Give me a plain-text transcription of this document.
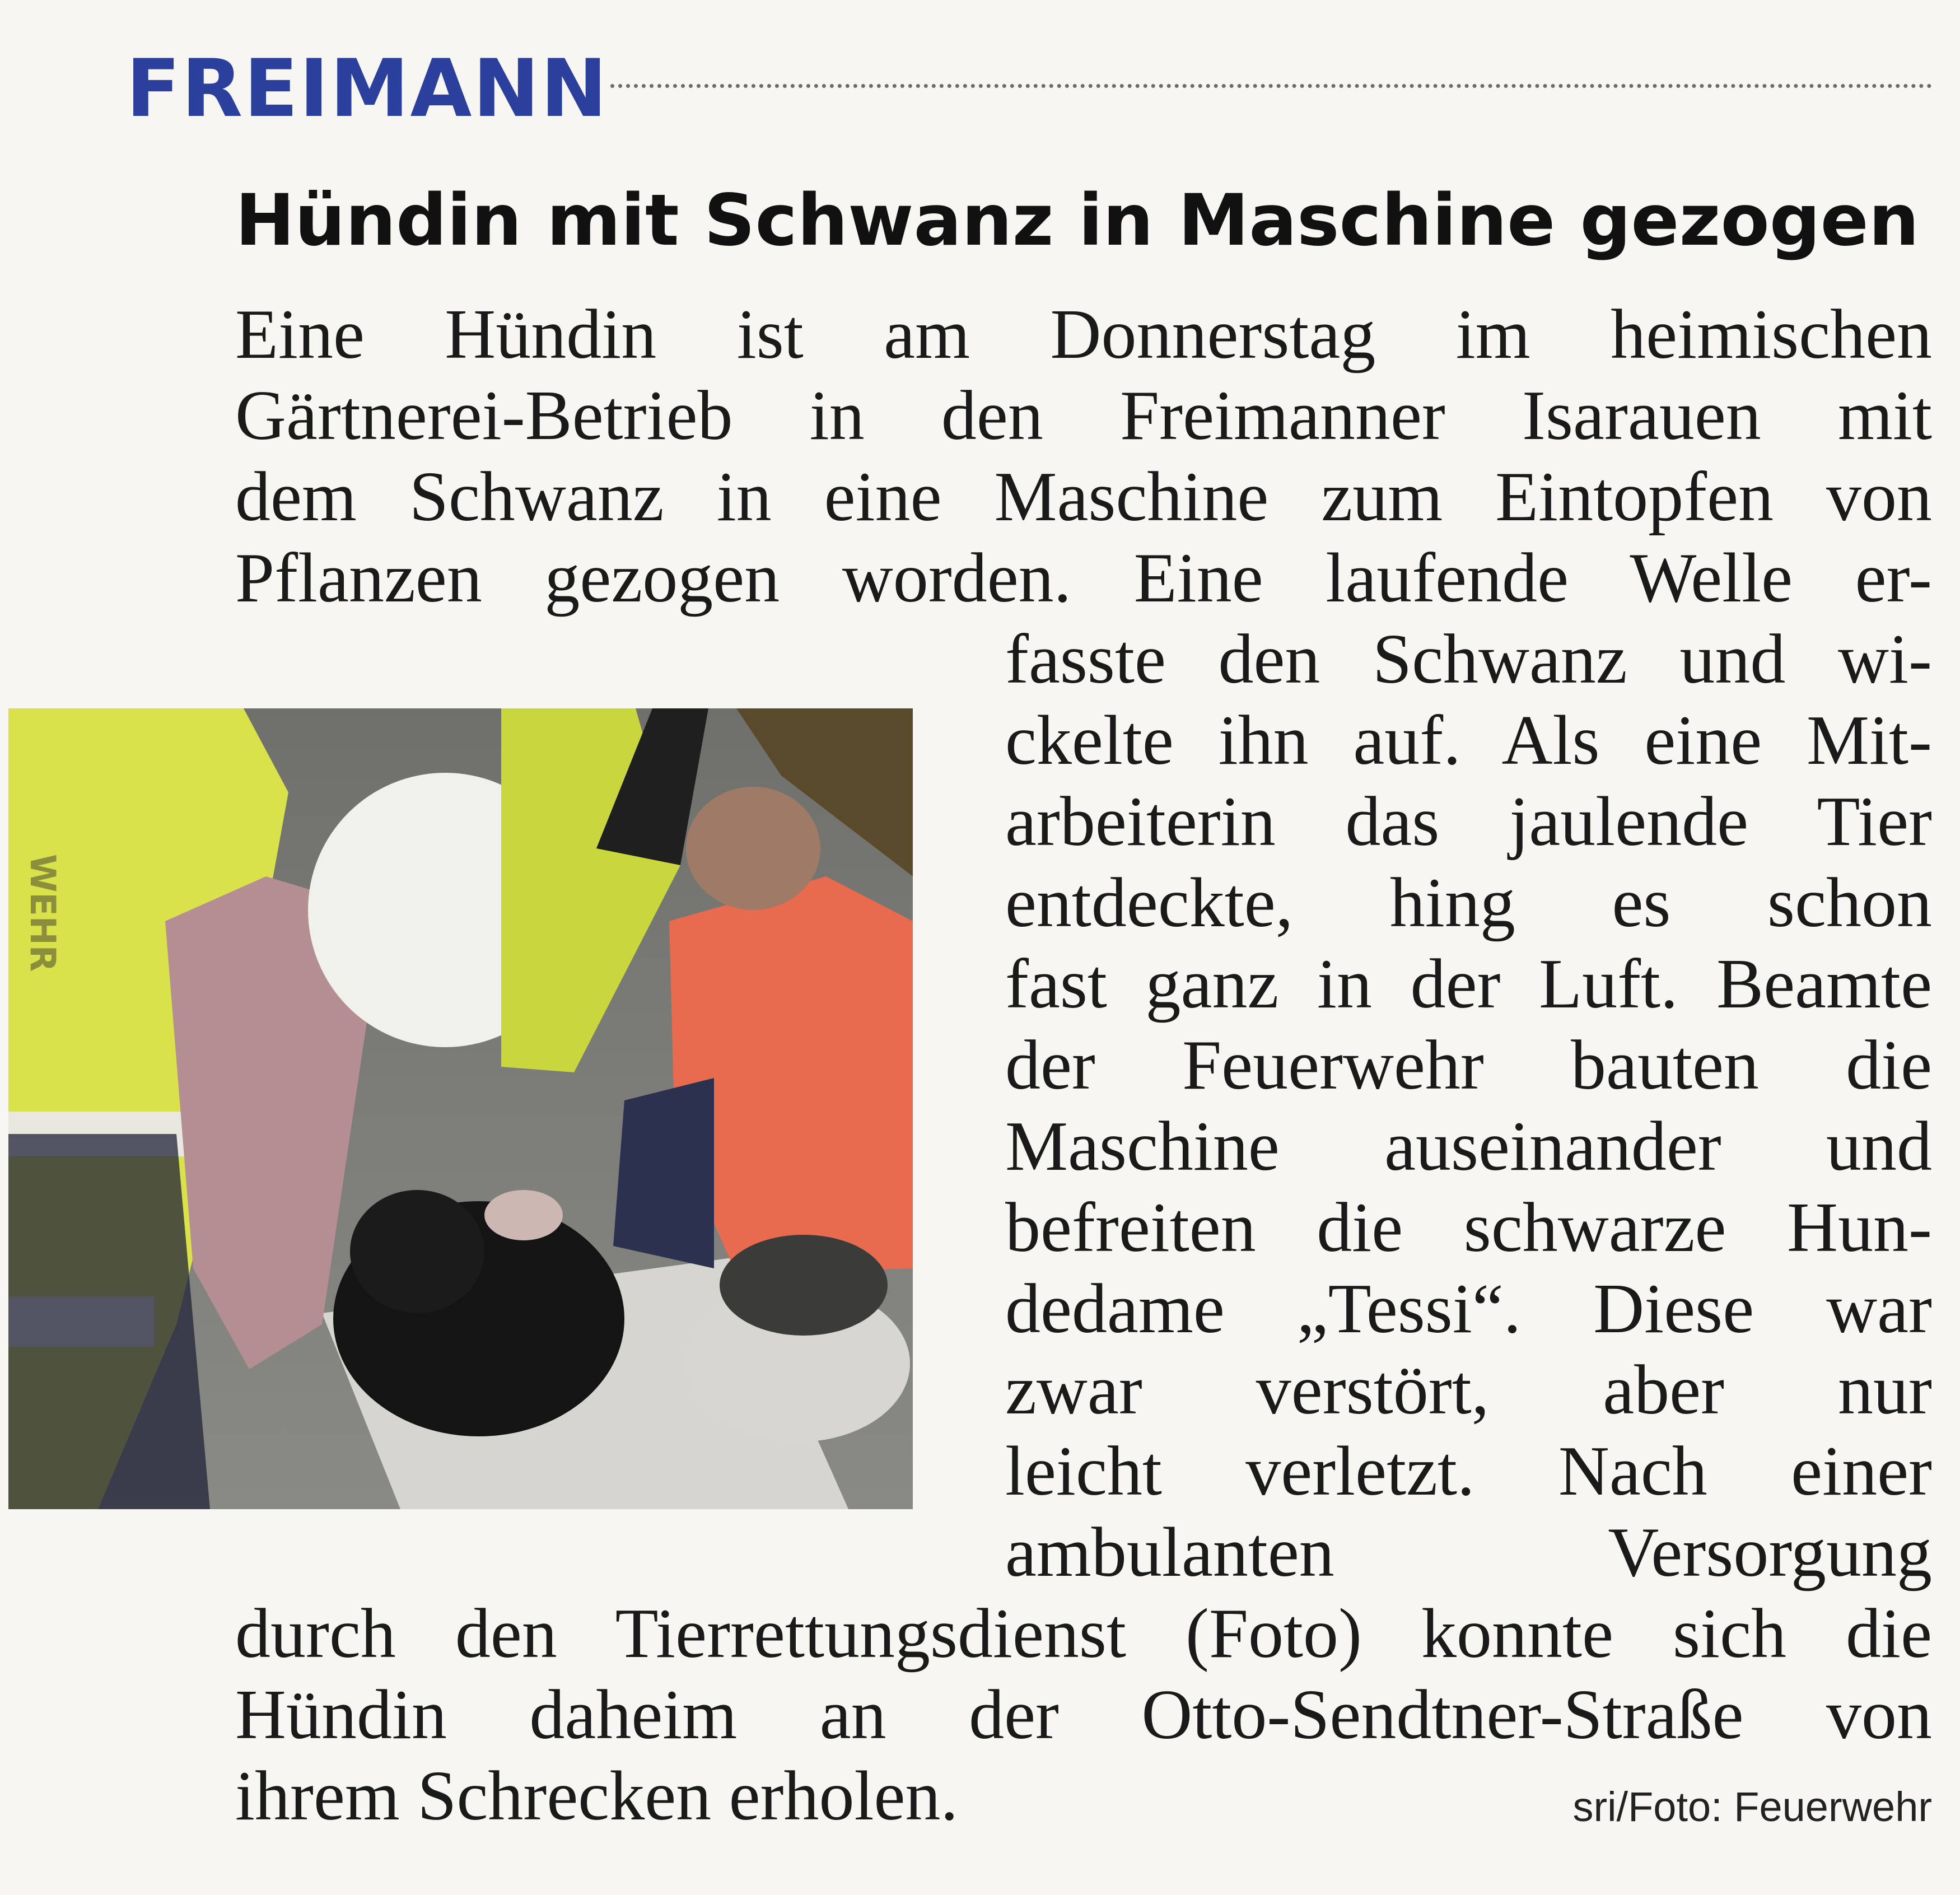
FREIMANN
Hündin mit Schwanz in Maschine gezogen
Eine Hündin ist am Donnerstag im heimischen
Gärtnerei-Betrieb in den Freimanner Isarauen mit
dem Schwanz in eine Maschine zum Eintopfen von
Pflanzen gezogen worden. Eine laufende Welle er-
fasste den Schwanz und wi-
ckelte ihn auf. Als eine Mit-
arbeiterin das jaulende Tier
entdeckte, hing es schon
fast ganz in der Luft. Beamte
der Feuerwehr bauten die
Maschine auseinander und
befreiten die schwarze Hun-
dedame „Tessi“. Diese war
zwar verstört, aber nur
leicht verletzt. Nach einer
ambulanten Versorgung
durch den Tierrettungsdienst (Foto) konnte sich die
Hündin daheim an der Otto-Sendtner-Straße von
ihrem Schrecken erholen.	sri/Foto: Feuerwehr
WEHR
